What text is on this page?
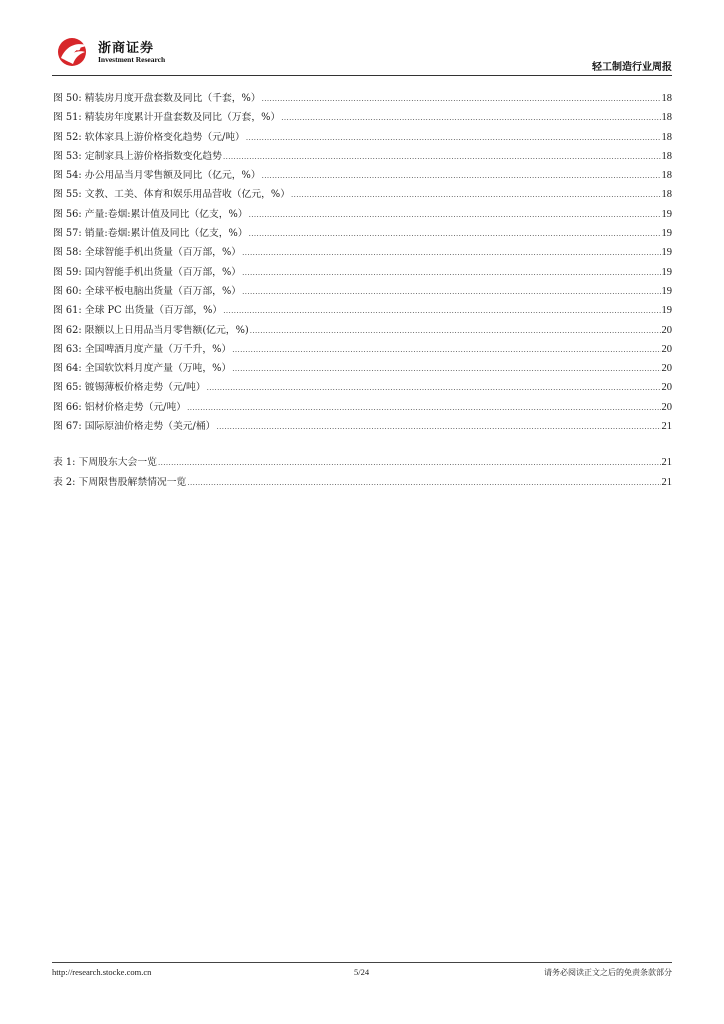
浙商证券
Investment Research
轻工制造行业周报
图 50: 精装房月度开盘套数及同比（千套，%） .....	18
图 51: 精装房年度累计开盘套数及同比（万套，%） .....	18
图 52: 软体家具上游价格变化趋势（元/吨） .....	18
图 53: 定制家具上游价格指数变化趋势 .....	18
图 54: 办公用品当月零售额及同比（亿元，%） .....	18
图 55: 文教、工美、体育和娱乐用品营收（亿元，%） .....	18
图 56: 产量:卷烟:累计值及同比（亿支，%） .....	19
图 57: 销量:卷烟:累计值及同比（亿支，%） .....	19
图 58: 全球智能手机出货量（百万部，%） .....	19
图 59: 国内智能手机出货量（百万部，%） .....	19
图 60: 全球平板电脑出货量（百万部，%） .....	19
图 61: 全球 PC 出货量（百万部，%） .....	19
图 62: 限额以上日用品当月零售额(亿元，%) .....	20
图 63: 全国啤酒月度产量（万千升，%） .....	20
图 64: 全国软饮料月度产量（万吨，%） .....	20
图 65: 镀锡薄板价格走势（元/吨） .....	20
图 66: 铝材价格走势（元/吨） .....	20
图 67: 国际原油价格走势（美元/桶） .....	21
表 1: 下周股东大会一览 .....	21
表 2: 下周限售股解禁情况一览 .....	21
http://research.stocke.com.cn	5/24	请务必阅读正文之后的免责条款部分
